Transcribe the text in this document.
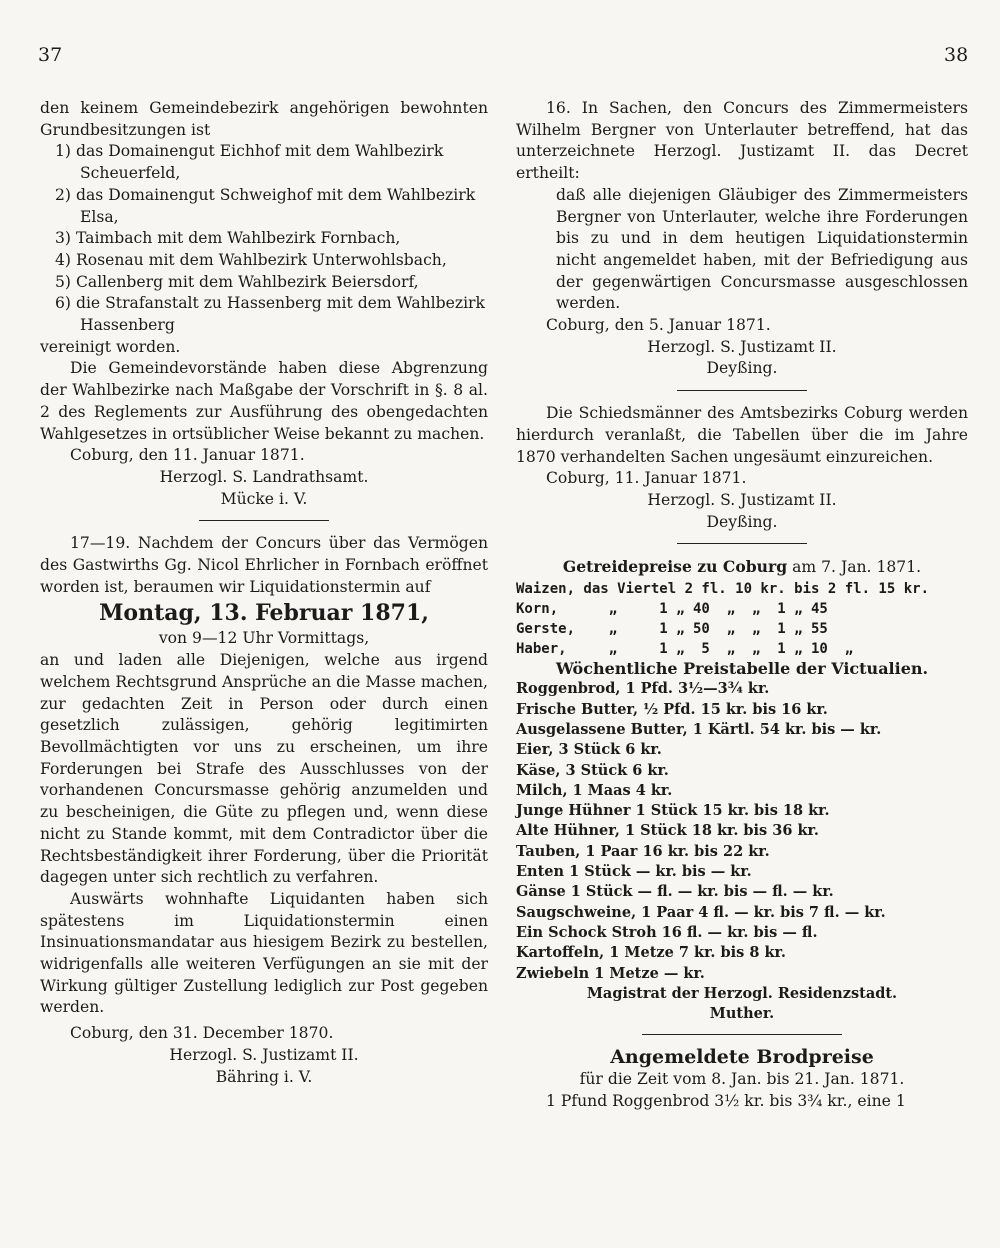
37	38

den keinem Gemeindebezirk angehörigen bewohnten

Grundbesitzungen ist

1) das Domainengut Eichhof mit dem Wahlbezirk Scheuerfeld,

2) das Domainengut Schweighof mit dem Wahlbezirk Elsa,

3) Taimbach mit dem Wahlbezirk Fornbach,

4) Rosenau mit dem Wahlbezirk Unterwohlsbach,

5) Callenberg mit dem Wahlbezirk Beiersdorf,

6) die Strafanstalt zu Hassenberg mit dem Wahlbezirk Hassenberg

vereinigt worden.

Die Gemeindevorstände haben diese Abgrenzung der Wahlbezirke nach Maßgabe der Vorschrift in §. 8 al. 2 des Reglements zur Ausführung des obengedachten Wahlgesetzes in ortsüblicher Weise bekannt zu machen.

Coburg, den 11. Januar 1871.

Herzogl. S. Landrathsamt.

Mücke i. V.

17—19. Nachdem der Concurs über das Vermögen des Gastwirths Gg. Nicol Ehrlicher in Fornbach eröffnet worden ist, beraumen wir Liquidationstermin auf

Montag, 13. Februar 1871,

von 9—12 Uhr Vormittags,

an und laden alle Diejenigen, welche aus irgend welchem Rechtsgrund Ansprüche an die Masse machen, zur gedachten Zeit in Person oder durch einen gesetzlich zulässigen, gehörig legitimirten Bevollmächtigten vor uns zu erscheinen, um ihre Forderungen bei Strafe des Ausschlusses von der vorhandenen Concursmasse gehörig anzumelden und zu bescheinigen, die Güte zu pflegen und, wenn diese nicht zu Stande kommt, mit dem Contradictor über die Rechtsbeständigkeit ihrer Forderung, über die Priorität dagegen unter sich rechtlich zu verfahren.

Auswärts wohnhafte Liquidanten haben sich spätestens im Liquidationstermin einen Insinuationsmandatar aus hiesigem Bezirk zu bestellen, widrigenfalls alle weiteren Verfügungen an sie mit der Wirkung gültiger Zustellung lediglich zur Post gegeben werden.

Coburg, den 31. December 1870.

Herzogl. S. Justizamt II.

Bähring i. V.

16. In Sachen, den Concurs des Zimmermeisters Wilhelm Bergner von Unterlauter betreffend, hat das unterzeichnete Herzogl. Justizamt II. das Decret ertheilt:

daß alle diejenigen Gläubiger des Zimmermeisters Bergner von Unterlauter, welche ihre Forderungen bis zu und in dem heutigen Liquidationstermin nicht angemeldet haben, mit der Befriedigung aus der gegenwärtigen Concursmasse ausgeschlossen werden.

Coburg, den 5. Januar 1871.

Herzogl. S. Justizamt II.

Deyßing.

Die Schiedsmänner des Amtsbezirks Coburg werden hierdurch veranlaßt, die Tabellen über die im Jahre 1870 verhandelten Sachen ungesäumt einzureichen.

Coburg, 11. Januar 1871.

Herzogl. S. Justizamt II.

Deyßing.

Getreidepreise zu Coburg am 7. Jan. 1871.

Waizen, das Viertel 2 fl. 10 kr. bis 2 fl. 15 kr.
Korn,      „     1 „ 40  „  „  1 „ 45
Gerste,    „     1 „ 50  „  „  1 „ 55
Haber,     „     1 „  5  „  „  1 „ 10  „

Wöchentliche Preistabelle der Victualien.

Roggenbrod, 1 Pfd. 3½—3¾ kr.

Frische Butter, ½ Pfd. 15 kr. bis 16 kr.

Ausgelassene Butter, 1 Kärtl. 54 kr. bis — kr.

Eier, 3 Stück 6 kr.

Käse, 3 Stück 6 kr.

Milch, 1 Maas 4 kr.

Junge Hühner 1 Stück 15 kr. bis 18 kr.

Alte Hühner, 1 Stück 18 kr. bis 36 kr.

Tauben, 1 Paar 16 kr. bis 22 kr.

Enten 1 Stück — kr. bis — kr.

Gänse 1 Stück — fl. — kr. bis — fl. — kr.

Saugschweine, 1 Paar 4 fl. — kr. bis 7 fl. — kr.

Ein Schock Stroh 16 fl. — kr. bis — fl.

Kartoffeln, 1 Metze 7 kr. bis 8 kr.

Zwiebeln 1 Metze — kr.

Magistrat der Herzogl. Residenzstadt.

Muther.

Angemeldete Brodpreise

für die Zeit vom 8. Jan. bis 21. Jan. 1871.

1 Pfund Roggenbrod 3½ kr. bis 3¾ kr., eine 1
